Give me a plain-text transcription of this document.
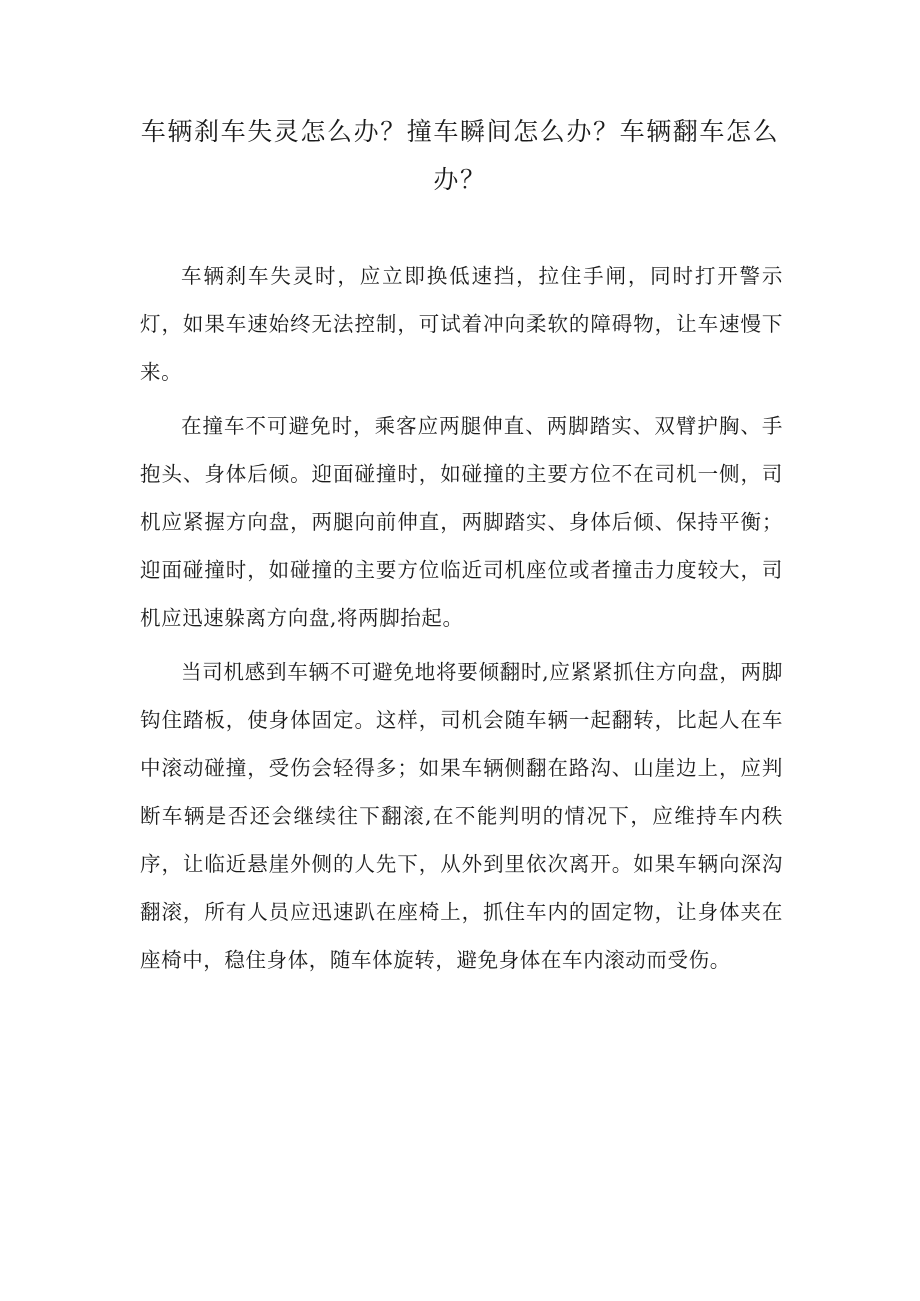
车辆刹车失灵怎么办？撞车瞬间怎么办？车辆翻车怎么办？

车辆刹车失灵时，应立即换低速挡，拉住手闸，同时打开警示灯，如果车速始终无法控制，可试着冲向柔软的障碍物，让车速慢下来。

在撞车不可避免时，乘客应两腿伸直、两脚踏实、双臂护胸、手抱头、身体后倾。迎面碰撞时，如碰撞的主要方位不在司机一侧，司机应紧握方向盘，两腿向前伸直，两脚踏实、身体后倾、保持平衡；迎面碰撞时，如碰撞的主要方位临近司机座位或者撞击力度较大，司机应迅速躲离方向盘,将两脚抬起。

当司机感到车辆不可避免地将要倾翻时,应紧紧抓住方向盘，两脚钩住踏板，使身体固定。这样，司机会随车辆一起翻转，比起人在车中滚动碰撞，受伤会轻得多；如果车辆侧翻在路沟、山崖边上，应判断车辆是否还会继续往下翻滚,在不能判明的情况下，应维持车内秩序，让临近悬崖外侧的人先下，从外到里依次离开。如果车辆向深沟翻滚，所有人员应迅速趴在座椅上，抓住车内的固定物，让身体夹在座椅中，稳住身体，随车体旋转，避免身体在车内滚动而受伤。
